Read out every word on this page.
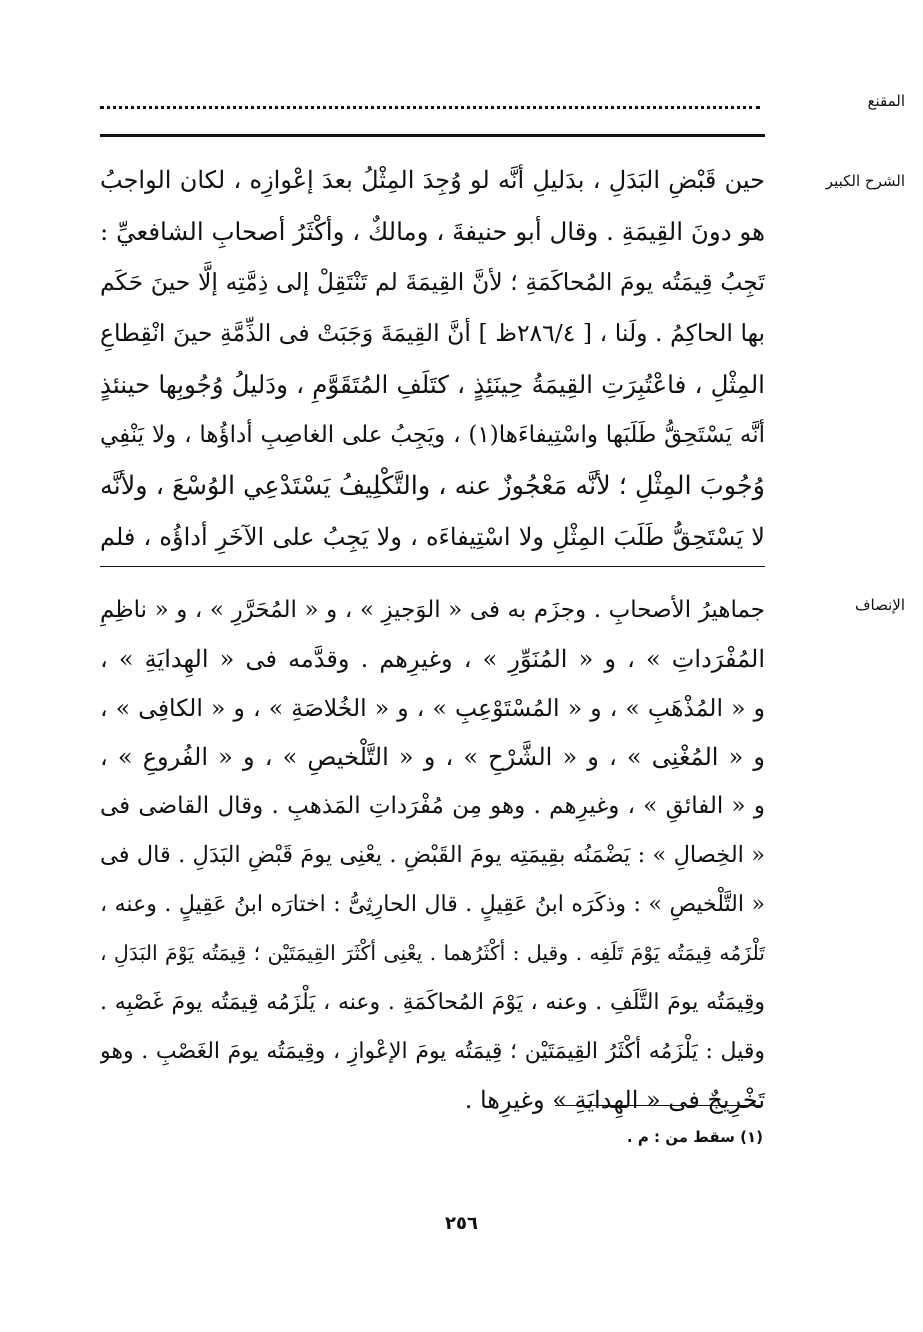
المقنع
الشرح الكبير
حين قَبْضِ البَدَلِ ، بدَليلِ أنَّه لو وُجِدَ المِثْلُ بعدَ إعْوازِه ، لكان الواجبُ
هو دونَ القِيمَةِ . وقال أبو حنيفةَ ، ومالكٌ ، وأكْثَرُ أصحابِ الشافعيِّ :
تَجِبُ قِيمَتُه يومَ المُحاكَمَةِ ؛ لأنَّ القِيمَةَ لم تَنْتَقِلْ إلى ذِمَّتِه إلَّا حينَ حَكَم
بها الحاكِمُ . ولَنا ، [ ٢٨٦/٤ظ ] أنَّ القِيمَةَ وَجَبَتْ فى الذِّمَّةِ حينَ انْقِطاعِ
المِثْلِ ، فاعْتُبِرَتِ القِيمَةُ حِينَئِذٍ ، كتَلَفِ المُتَقَوَّمِ ، ودَليلُ وُجُوبِها حينئذٍ
أنَّه يَسْتَحِقُّ طَلَبَها واسْتِيفاءَها(١) ، ويَجِبُ على الغاصِبِ أداؤُها ، ولا يَنْفِي
وُجُوبَ المِثْلِ ؛ لأنَّه مَعْجُوزٌ عنه ، والتَّكْلِيفُ يَسْتَدْعِي الوُسْعَ ، ولأنَّه
لا يَسْتَحِقُّ طَلَبَ المِثْلِ ولا اسْتِيفاءَه ، ولا يَجِبُ على الآخَرِ أداؤُه ، فلم
الإنصاف
جماهيرُ الأصحابِ . وجزَم به فى « الوَجيزِ » ، و « المُحَرَّرِ » ، و « ناظِمِ
المُفْرَداتِ » ، و « المُنَوِّرِ » ، وغيرِهم . وقدَّمه فى « الهِدايَةِ » ،
و « المُذْهَبِ » ، و « المُسْتَوْعِبِ » ، و « الخُلاصَةِ » ، و « الكافِى » ،
و « المُغْنِى » ، و « الشَّرْحِ » ، و « التَّلْخيصِ » ، و « الفُروعِ » ،
و « الفائقِ » ، وغيرِهم . وهو مِن مُفْرَداتِ المَذهبِ . وقال القاضى فى
« الخِصالِ » : يَضْمَنُه بقِيمَتِه يومَ القَبْضِ . يعْنِى يومَ قَبْضِ البَدَلِ . قال فى
« التَّلْخيصِ » : وذكَرَه ابنُ عَقِيلٍ . قال الحارِثِىُّ : اختارَه ابنُ عَقِيلٍ . وعنه ،
تَلْزَمُه قِيمَتُه يَوْمَ تَلَفِه . وقيل : أكْثَرُهما . يعْنِى أكْثَرَ القِيمَتَيْن ؛ قِيمَتُه يَوْمَ البَدَلِ ،
وقِيمَتُه يومَ التَّلَفِ . وعنه ، يَوْمَ المُحاكَمَةِ . وعنه ، يَلْزَمُه قِيمَتُه يومَ غَصْبِه .
وقيل : يَلْزَمُه أكْثَرُ القِيمَتَيْن ؛ قِيمَتُه يومَ الإعْوازِ ، وقِيمَتُه يومَ الغَصْبِ . وهو
تَخْرِيجٌ فى « الهِدايَةِ » وغيرِها .
(١) سقط من : م .
٢٥٦
